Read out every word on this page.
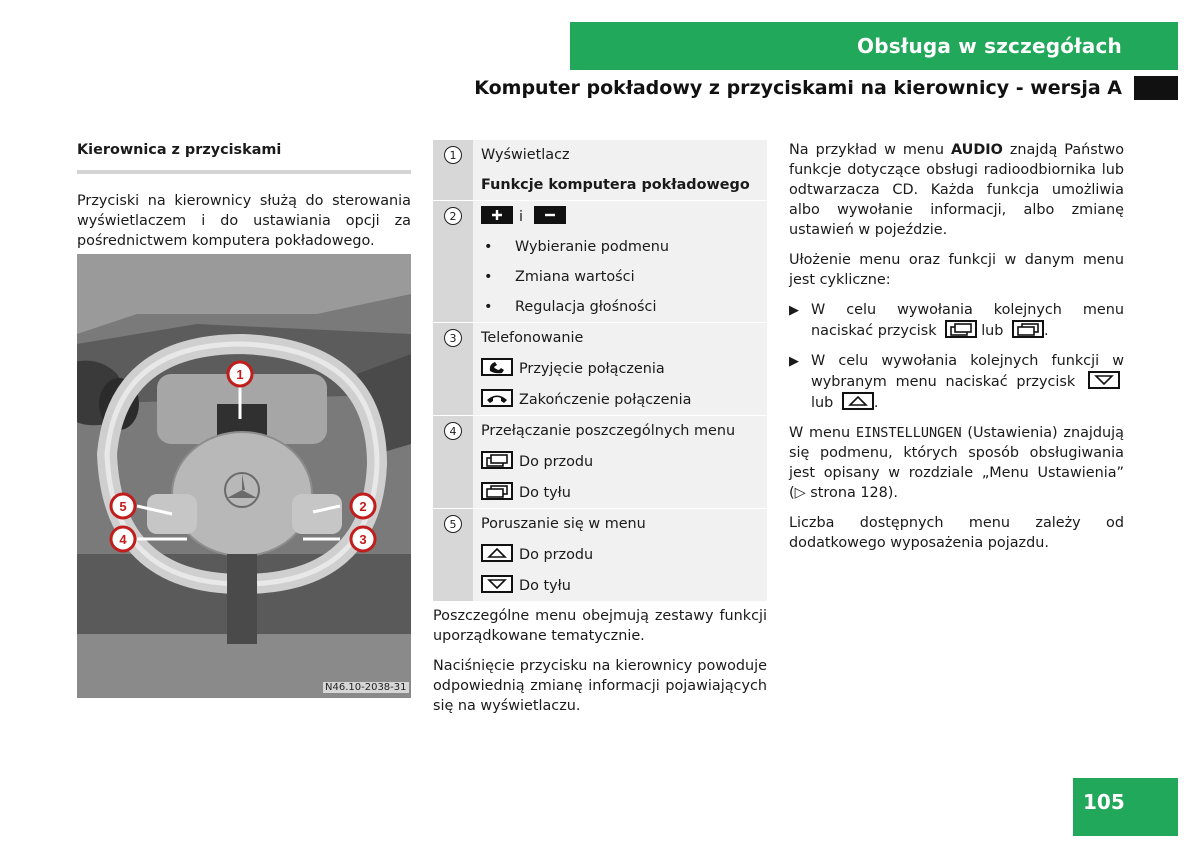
Obsługa w szczegółach
Komputer pokładowy z przyciskami na kierownicy - wersja A
Kierownica z przyciskami

Przyciski na kierownicy służą do sterowania wyświetlaczem i do ustawiania opcji za pośrednictwem komputera pokładowego.

1
2
3
5
4
N46.10-2038-31
1	Wyświetlacz
Funkcje komputera pokładowego
2	i
•	Wybieranie podmenu
•	Zmiana wartości
•	Regulacja głośności
3	Telefonowanie
Przyjęcie połączenia
Zakończenie połączenia
4	Przełączanie poszczególnych menu
Do przodu
Do tyłu
5	Poruszanie się w menu
Do przodu
Do tyłu

Poszczególne menu obejmują zestawy funkcji uporządkowane tematycznie.

Naciśnięcie przycisku na kierownicy powoduje odpowiednią zmianę informacji pojawiających się na wyświetlaczu.

Na przykład w menu AUDIO znajdą Państwo funkcje dotyczące obsługi radioodbiornika lub odtwarzacza CD. Każda funkcja umożliwia albo wywołanie informacji, albo zmianę ustawień w pojeździe.

Ułożenie menu oraz funkcji w danym menu jest cykliczne:

▶ W celu wywołania kolejnych menu naciskać przycisk	lub	.
▶ W celu wywołania kolejnych funkcji w wybranym menu naciskać przycisk
lub	.

W menu EINSTELLUNGEN (Ustawienia) znajdują się podmenu, których sposób obsługiwania jest opisany w rozdziale „Menu Ustawienia” (▷ strona 128).

Liczba dostępnych menu zależy od dodatkowego wyposażenia pojazdu.

105
